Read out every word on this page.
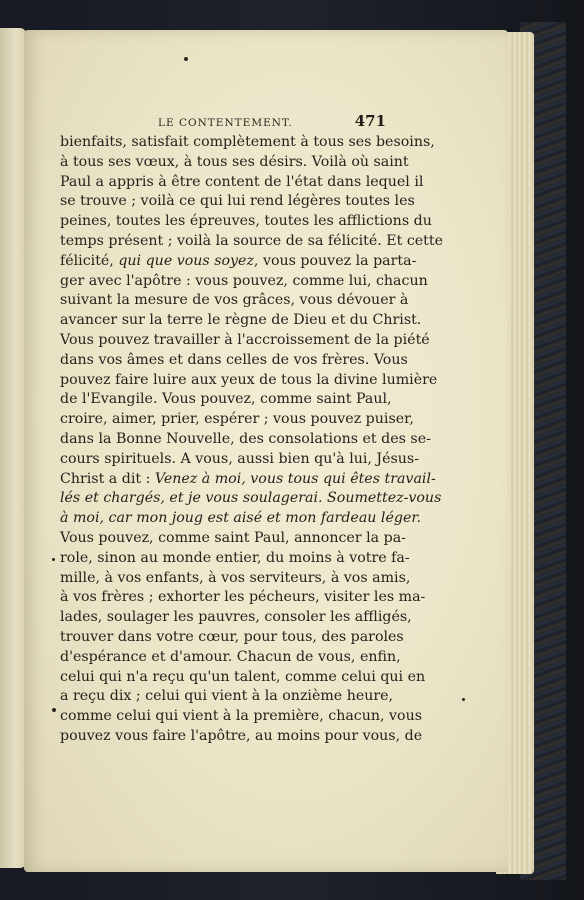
LE CONTENTEMENT.	471
bienfaits, satisfait complètement à tous ses besoins,
à tous ses vœux, à tous ses désirs. Voilà où saint
Paul a appris à être content de l'état dans lequel il
se trouve ; voilà ce qui lui rend légères toutes les
peines, toutes les épreuves, toutes les afflictions du
temps présent ; voilà la source de sa félicité. Et cette
félicité, qui que vous soyez, vous pouvez la parta-
ger avec l'apôtre : vous pouvez, comme lui, chacun
suivant la mesure de vos grâces, vous dévouer à
avancer sur la terre le règne de Dieu et du Christ.
Vous pouvez travailler à l'accroissement de la piété
dans vos âmes et dans celles de vos frères. Vous
pouvez faire luire aux yeux de tous la divine lumière
de l'Evangile. Vous pouvez, comme saint Paul,
croire, aimer, prier, espérer ; vous pouvez puiser,
dans la Bonne Nouvelle, des consolations et des se-
cours spirituels. A vous, aussi bien qu'à lui, Jésus-
Christ a dit : Venez à moi, vous tous qui êtes travail-
lés et chargés, et je vous soulagerai. Soumettez-vous
à moi, car mon joug est aisé et mon fardeau léger.
Vous pouvez, comme saint Paul, annoncer la pa-
role, sinon au monde entier, du moins à votre fa-
mille, à vos enfants, à vos serviteurs, à vos amis,
à vos frères ; exhorter les pécheurs, visiter les ma-
lades, soulager les pauvres, consoler les affligés,
trouver dans votre cœur, pour tous, des paroles
d'espérance et d'amour. Chacun de vous, enfin,
celui qui n'a reçu qu'un talent, comme celui qui en
a reçu dix ; celui qui vient à la onzième heure,
comme celui qui vient à la première, chacun, vous
pouvez vous faire l'apôtre, au moins pour vous, de
